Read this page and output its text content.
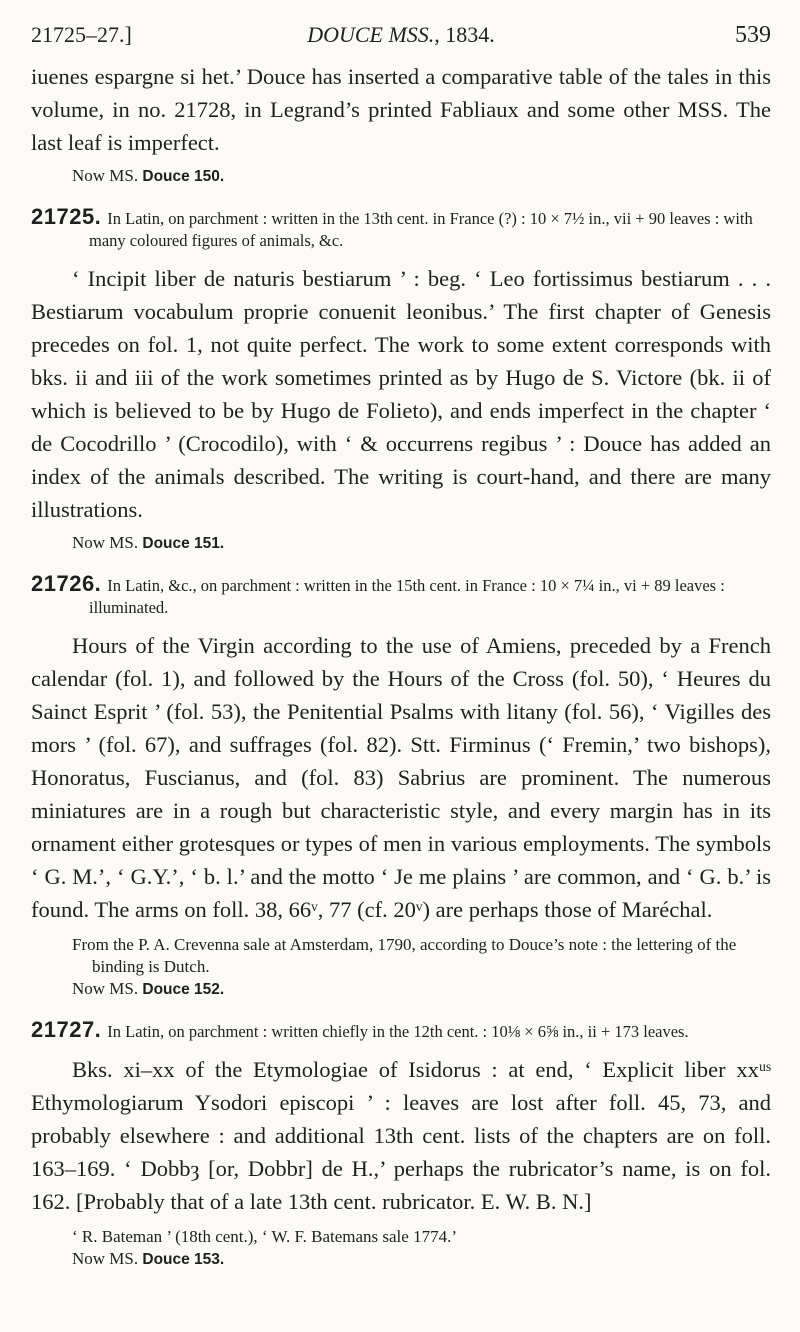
21725–27.]	DOUCE MSS., 1834.	539

iuenes espargne si het.’ Douce has inserted a comparative table of the tales in this volume, in no. 21728, in Legrand’s printed Fabliaux and some other MSS. The last leaf is imperfect.

Now MS. Douce 150.
21725. In Latin, on parchment : written in the 13th cent. in France (?) : 10 × 7½ in., vii + 90 leaves : with many coloured figures of animals, &c.

‘ Incipit liber de naturis bestiarum ’ : beg. ‘ Leo fortissimus bestiarum . . . Bestiarum vocabulum proprie conuenit leonibus.’ The first chapter of Genesis precedes on fol. 1, not quite perfect. The work to some extent corresponds with bks. ii and iii of the work sometimes printed as by Hugo de S. Victore (bk. ii of which is believed to be by Hugo de Folieto), and ends imperfect in the chapter ‘ de Cocodrillo ’ (Crocodilo), with ‘ & occurrens regibus ’ : Douce has added an index of the animals described. The writing is court-hand, and there are many illustrations.

Now MS. Douce 151.
21726. In Latin, &c., on parchment : written in the 15th cent. in France : 10 × 7¼ in., vi + 89 leaves : illuminated.

Hours of the Virgin according to the use of Amiens, preceded by a French calendar (fol. 1), and followed by the Hours of the Cross (fol. 50), ‘ Heures du Sainct Esprit ’ (fol. 53), the Penitential Psalms with litany (fol. 56), ‘ Vigilles des mors ’ (fol. 67), and suffrages (fol. 82). Stt. Firminus (‘ Fremin,’ two bishops), Honoratus, Fuscianus, and (fol. 83) Sabrius are prominent. The numerous miniatures are in a rough but characteristic style, and every margin has in its ornament either grotesques or types of men in various employments. The symbols ‘ G. M.’, ‘ G.Y.’, ‘ b. l.’ and the motto ‘ Je me plains ’ are common, and ‘ G. b.’ is found. The arms on foll. 38, 66ᵛ, 77 (cf. 20ᵛ) are perhaps those of Maréchal.

From the P. A. Crevenna sale at Amsterdam, 1790, according to Douce’s note : the lettering of the binding is Dutch.
Now MS. Douce 152.
21727. In Latin, on parchment : written chiefly in the 12th cent. : 10⅛ × 6⅝ in., ii + 173 leaves.

Bks. xi–xx of the Etymologiae of Isidorus : at end, ‘ Explicit liber xxᵘˢ Ethymologiarum Ysodori episcopi ’ : leaves are lost after foll. 45, 73, and probably elsewhere : and additional 13th cent. lists of the chapters are on foll. 163–169. ‘ Dobbȝ [or, Dobbr] de H.,’ perhaps the rubricator’s name, is on fol. 162. [Probably that of a late 13th cent. rubricator. E. W. B. N.]

‘ R. Bateman ’ (18th cent.), ‘ W. F. Batemans sale 1774.’
Now MS. Douce 153.
